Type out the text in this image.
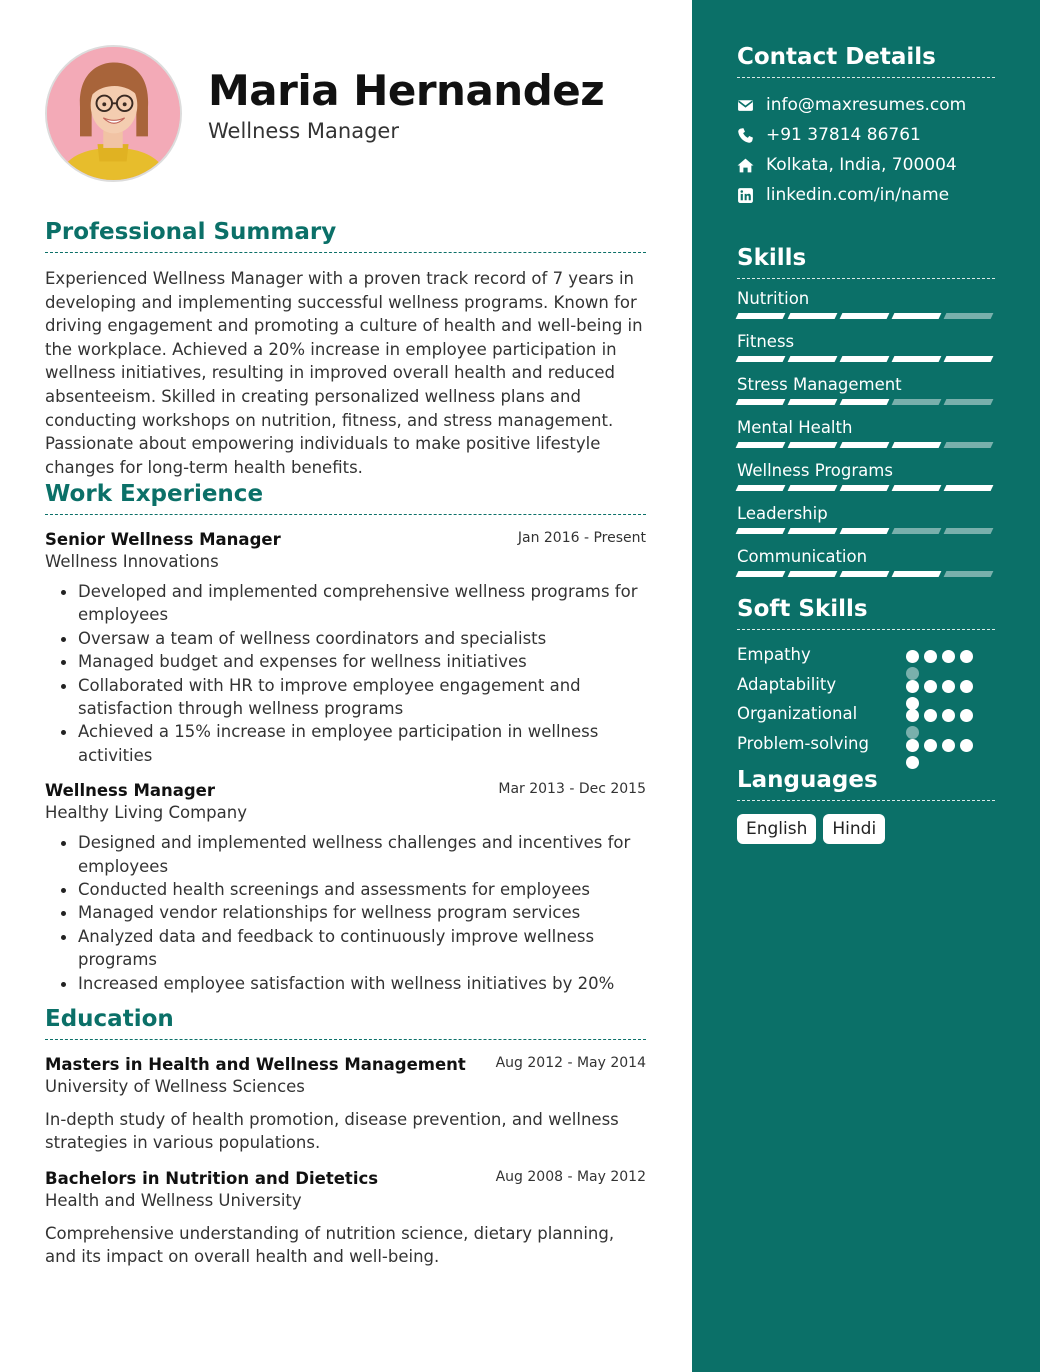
Maria Hernandez
Wellness Manager
Professional Summary

Experienced Wellness Manager with a proven track record of 7 years in developing and implementing successful wellness programs. Known for driving engagement and promoting a culture of health and well-being in the workplace. Achieved a 20% increase in employee participation in wellness initiatives, resulting in improved overall health and reduced absenteeism. Skilled in creating personalized wellness plans and conducting workshops on nutrition, fitness, and stress management. Passionate about empowering individuals to make positive lifestyle changes for long-term health benefits.

Work Experience
Senior Wellness Manager	Jan 2016 - Present
Wellness Innovations
Developed and implemented comprehensive wellness programs for employees
Oversaw a team of wellness coordinators and specialists
Managed budget and expenses for wellness initiatives
Collaborated with HR to improve employee engagement and satisfaction through wellness programs
Achieved a 15% increase in employee participation in wellness activities
Wellness Manager	Mar 2013 - Dec 2015
Healthy Living Company
Designed and implemented wellness challenges and incentives for employees
Conducted health screenings and assessments for employees
Managed vendor relationships for wellness program services
Analyzed data and feedback to continuously improve wellness programs
Increased employee satisfaction with wellness initiatives by 20%
Education
Masters in Health and Wellness Management	Aug 2012 - May 2014
University of Wellness Sciences

In-depth study of health promotion, disease prevention, and wellness strategies in various populations.

Bachelors in Nutrition and Dietetics	Aug 2008 - May 2012
Health and Wellness University

Comprehensive understanding of nutrition science, dietary planning, and its impact on overall health and well-being.

Contact Details
info@maxresumes.com
+91 37814 86761
Kolkata, India, 700004
linkedin.com/in/name
Skills
Nutrition
Fitness
Stress Management
Mental Health
Wellness Programs
Leadership
Communication
Soft Skills
Empathy
Adaptability
Organizational
Problem-solving
Languages
English	Hindi
